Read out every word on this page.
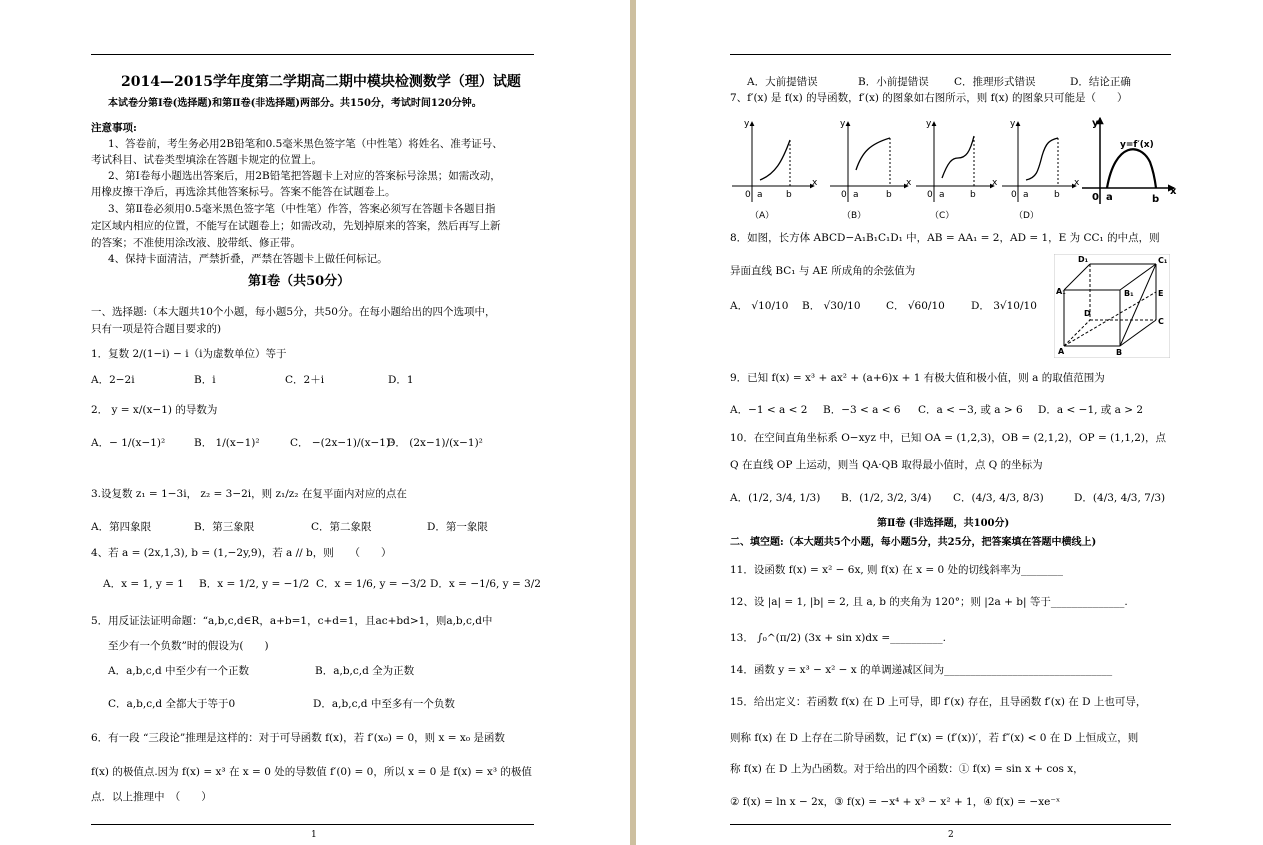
2014—2015学年度第二学期高二期中模块检测数学（理）试题
本试卷分第Ⅰ卷(选择题)和第Ⅱ卷(非选择题)两部分。共150分，考试时间120分钟。
注意事项:
1、答卷前，考生务必用2B铅笔和0.5毫米黑色签字笔（中性笔）将姓名、准考证号、
考试科目、试卷类型填涂在答题卡规定的位置上。
2、第Ⅰ卷每小题选出答案后，用2B铅笔把答题卡上对应的答案标号涂黑；如需改动，
用橡皮擦干净后，再选涂其他答案标号。答案不能答在试题卷上。
3、第Ⅱ卷必须用0.5毫米黑色签字笔（中性笔）作答，答案必须写在答题卡各题目指
定区域内相应的位置，不能写在试题卷上；如需改动，先划掉原来的答案，然后再写上新
的答案；不准使用涂改液、胶带纸、修正带。
4、保持卡面清洁，严禁折叠，严禁在答题卡上做任何标记。
第Ⅰ卷（共50分）
一、选择题:（本大题共10个小题，每小题5分，共50分。在每小题给出的四个选项中，
只有一项是符合题目要求的)
1．复数 2/(1−i) − i（i为虚数单位）等于
A．2−2i	B．i	C．2＋i	D．1
2． y = x/(x−1) 的导数为
A．− 1/(x−1)²	B． 1/(x−1)²	C． −(2x−1)/(x−1)²
D． (2x−1)/(x−1)²
3.设复数 z₁ = 1−3i， z₂ = 3−2i，则 z₁/z₂ 在复平面内对应的点在
A．第四象限	B．第三象限	C．第二象限	D．第一象限
4、若 a = (2x,1,3), b = (1,−2y,9)，若 a // b，则　　（　　）
A．x = 1, y = 1 B．x = 1/2, y = −1/2 C．x = 1/6, y = −3/2 D．x = −1/6, y = 3/2
5．用反证法证明命题：“a,b,c,d∈R，a+b=1，c+d=1，且ac+bd>1，则a,b,c,d中
至少有一个负数”时的假设为(　　)
A．a,b,c,d 中至少有一个正数	B．a,b,c,d 全为正数
C．a,b,c,d 全都大于等于0	D．a,b,c,d 中至多有一个负数
6．有一段 “三段论”推理是这样的：对于可导函数 f(x)，若 f′(x₀) = 0，则 x = x₀ 是函数
f(x) 的极值点.因为 f(x) = x³ 在 x = 0 处的导数值 f′(0) = 0，所以 x = 0 是 f(x) = x³ 的极值
点．以上推理中　（　　）
1
A．大前提错误	B．小前提错误 C．推理形式错误	D．结论正确
7、f′(x) 是 f(x) 的导函数，f′(x) 的图象如右图所示，则 f(x) 的图象只可能是（　　）
y
x
0 a	b
（A）
y
x
0 a	b
（B）
y
x
0 a	b
（C）
y
x
0 a	b
（D）
y
x
0 a	b
y=f′(x)
8．如图，长方体 ABCD−A₁B₁C₁D₁ 中，AB = AA₁ = 2，AD = 1，E 为 CC₁ 的中点，则
异面直线 BC₁ 与 AE 所成角的余弦值为
A． √10/10 B． √30/10 C． √60/10 D． 3√10/10
C₁
A₁	B₁
D₁
E
D
C
A	B
9．已知 f(x) = x³ + ax² + (a+6)x + 1 有极大值和极小值，则 a 的取值范围为
A．−1 < a < 2 B．−3 < a < 6 C．a < −3, 或 a > 6 D．a < −1, 或 a > 2
10．在空间直角坐标系 O−xyz 中，已知 OA = (1,2,3)，OB = (2,1,2)，OP = (1,1,2)，点
Q 在直线 OP 上运动，则当 QA·QB 取得最小值时，点 Q 的坐标为
A．(1/2, 3/4, 1/3) B．(1/2, 3/2, 3/4) C．(4/3, 4/3, 8/3)	D．(4/3, 4/3, 7/3)
第Ⅱ卷 (非选择题，共100分)
二、填空题:（本大题共5个小题，每小题5分，共25分，把答案填在答题中横线上)
11．设函数 f(x) = x² − 6x, 则 f(x) 在 x = 0 处的切线斜率为________
12、设 |a| = 1, |b| = 2, 且 a, b 的夹角为 120°；则 |2a + b| 等于______________.
13． ∫₀^(π/2) (3x + sin x)dx =__________.
14．函数 y = x³ − x² − x 的单调递减区间为________________________________
15．给出定义：若函数 f(x) 在 D 上可导，即 f′(x) 存在，且导函数 f′(x) 在 D 上也可导，
则称 f(x) 在 D 上存在二阶导函数，记 f″(x) = (f′(x))′，若 f″(x) < 0 在 D 上恒成立，则
称 f(x) 在 D 上为凸函数。对于给出的四个函数：① f(x) = sin x + cos x，
② f(x) = ln x − 2x，③ f(x) = −x⁴ + x³ − x² + 1，④ f(x) = −xe⁻ˣ
2
